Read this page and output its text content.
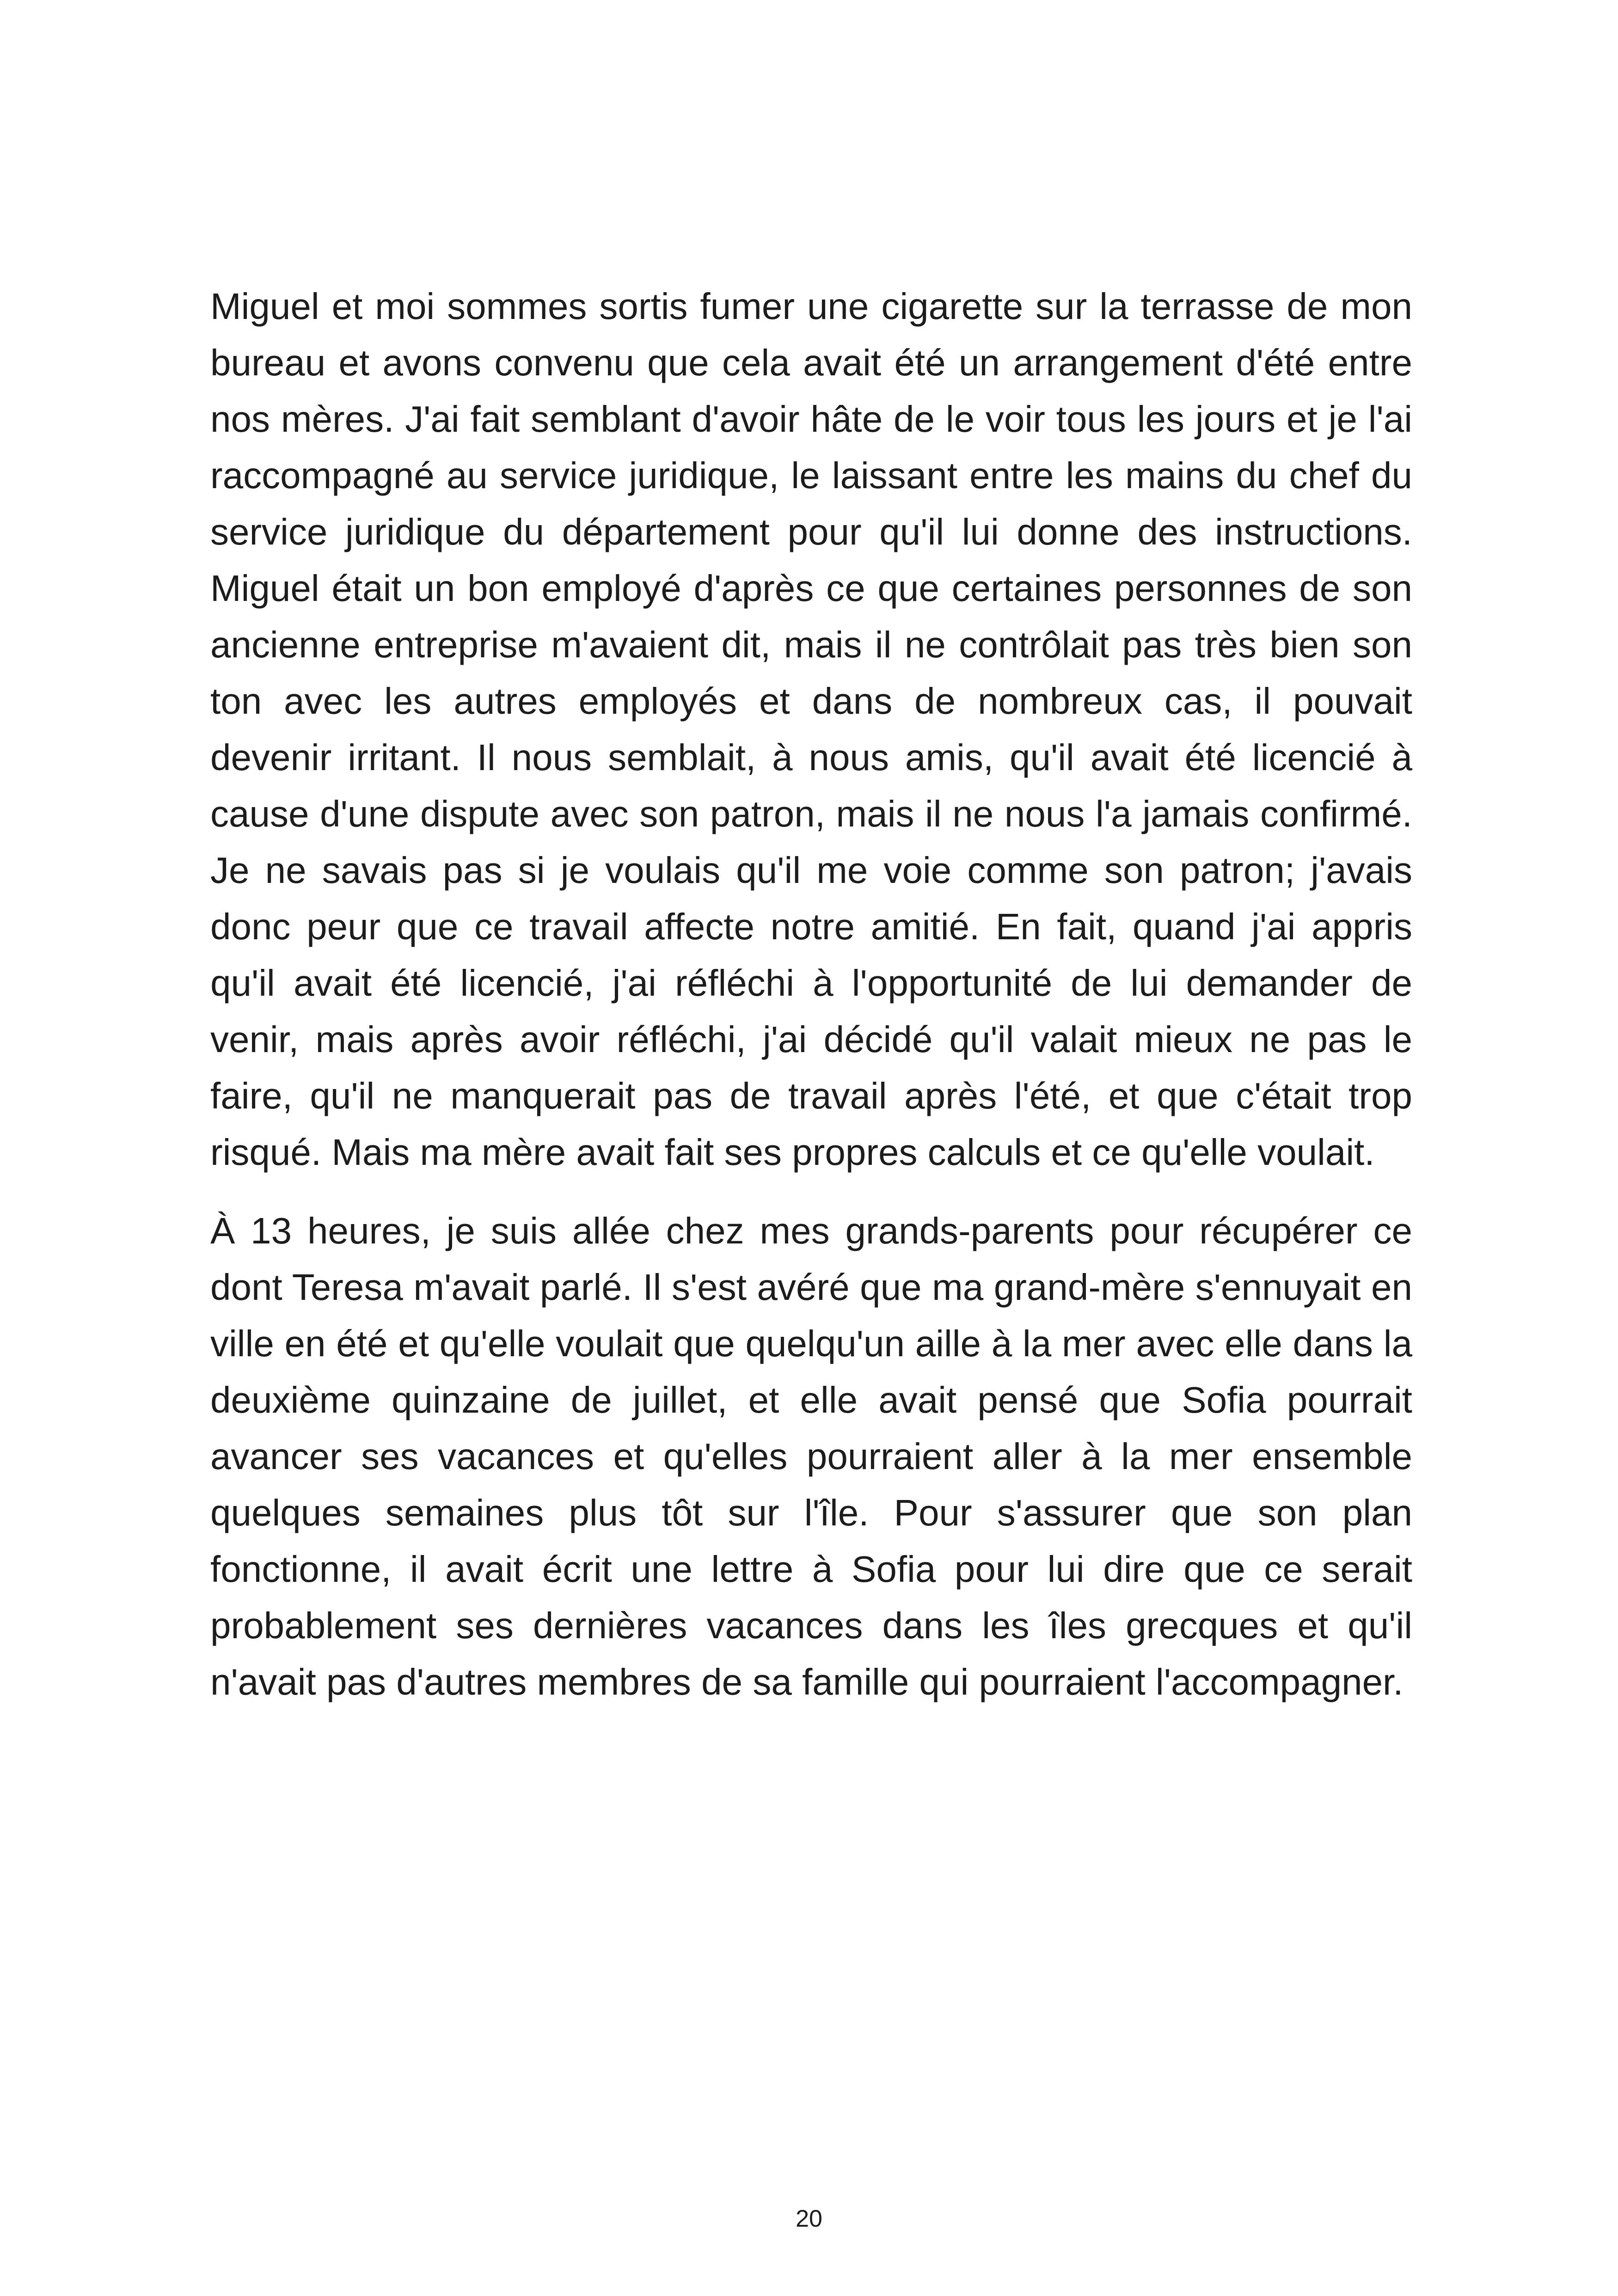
Miguel et moi sommes sortis fumer une cigarette sur la terrasse de mon bureau et avons convenu que cela avait été un arrangement d'été entre nos mères. J'ai fait semblant d'avoir hâte de le voir tous les jours et je l'ai raccompagné au service juridique, le laissant entre les mains du chef du service juridique du département pour qu'il lui donne des instructions. Miguel était un bon employé d'après ce que certaines personnes de son ancienne entreprise m'avaient dit, mais il ne contrôlait pas très bien son ton avec les autres employés et dans de nombreux cas, il pouvait devenir irritant. Il nous semblait, à nous amis, qu'il avait été licencié à cause d'une dispute avec son patron, mais il ne nous l'a jamais confirmé. Je ne savais pas si je voulais qu'il me voie comme son patron; j'avais donc peur que ce travail affecte notre amitié. En fait, quand j'ai appris qu'il avait été licencié, j'ai réfléchi à l'opportunité de lui demander de venir, mais après avoir réfléchi, j'ai décidé qu'il valait mieux ne pas le faire, qu'il ne manquerait pas de travail après l'été, et que c'était trop risqué. Mais ma mère avait fait ses propres calculs et ce qu'elle voulait.

À 13 heures, je suis allée chez mes grands-parents pour récupérer ce dont Teresa m'avait parlé. Il s'est avéré que ma grand-mère s'ennuyait en ville en été et qu'elle voulait que quelqu'un aille à la mer avec elle dans la deuxième quinzaine de juillet, et elle avait pensé que Sofia pourrait avancer ses vacances et qu'elles pourraient aller à la mer ensemble quelques semaines plus tôt sur l'île. Pour s'assurer que son plan fonctionne, il avait écrit une lettre à Sofia pour lui dire que ce serait probablement ses dernières vacances dans les îles grecques et qu'il n'avait pas d'autres membres de sa famille qui pourraient l'accompagner.

20
